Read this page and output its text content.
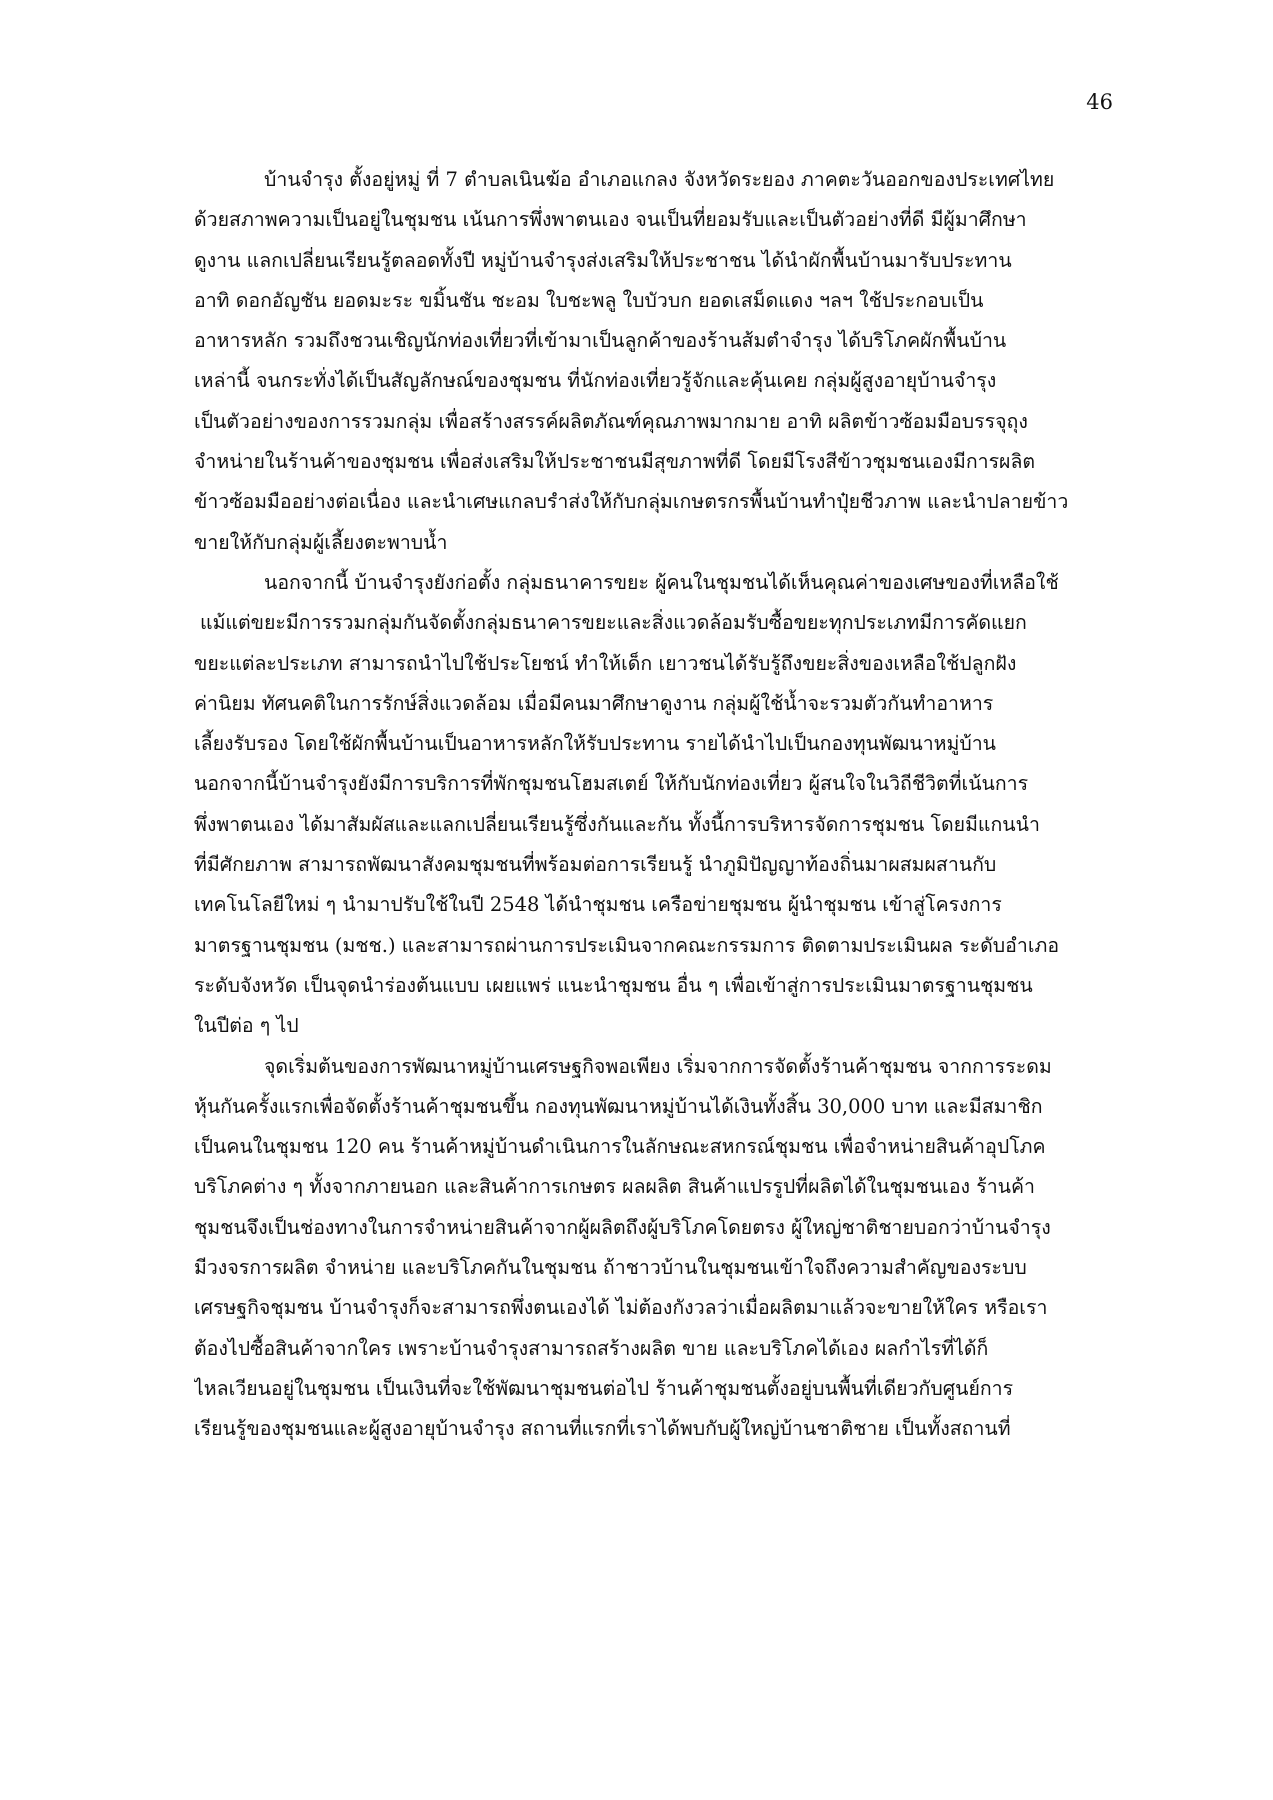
46
บ้านจำรุง ตั้งอยู่หมู่ ที่ 7 ตำบลเนินฆ้อ อำเภอแกลง จังหวัดระยอง ภาคตะวันออกของประเทศไทย
ด้วยสภาพความเป็นอยู่ในชุมชน เน้นการพึ่งพาตนเอง จนเป็นที่ยอมรับและเป็นตัวอย่างที่ดี มีผู้มาศึกษา
ดูงาน แลกเปลี่ยนเรียนรู้ตลอดทั้งปี หมู่บ้านจำรุงส่งเสริมให้ประชาชน ได้นำผักพื้นบ้านมารับประทาน
อาทิ ดอกอัญชัน ยอดมะระ ขมิ้นชัน ชะอม ใบชะพลู ใบบัวบก ยอดเสม็ดแดง ฯลฯ ใช้ประกอบเป็น
อาหารหลัก รวมถึงชวนเชิญนักท่องเที่ยวที่เข้ามาเป็นลูกค้าของร้านส้มตำจำรุง ได้บริโภคผักพื้นบ้าน
เหล่านี้ จนกระทั่งได้เป็นสัญลักษณ์ของชุมชน ที่นักท่องเที่ยวรู้จักและคุ้นเคย กลุ่มผู้สูงอายุบ้านจำรุง
เป็นตัวอย่างของการรวมกลุ่ม เพื่อสร้างสรรค์ผลิตภัณฑ์คุณภาพมากมาย อาทิ ผลิตข้าวซ้อมมือบรรจุถุง
จำหน่ายในร้านค้าของชุมชน เพื่อส่งเสริมให้ประชาชนมีสุขภาพที่ดี โดยมีโรงสีข้าวชุมชนเองมีการผลิต
ข้าวซ้อมมืออย่างต่อเนื่อง และนำเศษแกลบรำส่งให้กับกลุ่มเกษตรกรพื้นบ้านทำปุ๋ยชีวภาพ และนำปลายข้าว
ขายให้กับกลุ่มผู้เลี้ยงตะพาบน้ำ
นอกจากนี้ บ้านจำรุงยังก่อตั้ง กลุ่มธนาคารขยะ ผู้คนในชุมชนได้เห็นคุณค่าของเศษของที่เหลือใช้
แม้แต่ขยะมีการรวมกลุ่มกันจัดตั้งกลุ่มธนาคารขยะและสิ่งแวดล้อมรับซื้อขยะทุกประเภทมีการคัดแยก
ขยะแต่ละประเภท สามารถนำไปใช้ประโยชน์ ทำให้เด็ก เยาวชนได้รับรู้ถึงขยะสิ่งของเหลือใช้ปลูกฝัง
ค่านิยม ทัศนคติในการรักษ์สิ่งแวดล้อม เมื่อมีคนมาศึกษาดูงาน กลุ่มผู้ใช้น้ำจะรวมตัวกันทำอาหาร
เลี้ยงรับรอง โดยใช้ผักพื้นบ้านเป็นอาหารหลักให้รับประทาน รายได้นำไปเป็นกองทุนพัฒนาหมู่บ้าน
นอกจากนี้บ้านจำรุงยังมีการบริการที่พักชุมชนโฮมสเตย์ ให้กับนักท่องเที่ยว ผู้สนใจในวิถีชีวิตที่เน้นการ
พึ่งพาตนเอง ได้มาสัมผัสและแลกเปลี่ยนเรียนรู้ซึ่งกันและกัน ทั้งนี้การบริหารจัดการชุมชน โดยมีแกนนำ
ที่มีศักยภาพ สามารถพัฒนาสังคมชุมชนที่พร้อมต่อการเรียนรู้ นำภูมิปัญญาท้องถิ่นมาผสมผสานกับ
เทคโนโลยีใหม่ ๆ นำมาปรับใช้ในปี 2548 ได้นำชุมชน เครือข่ายชุมชน ผู้นำชุมชน เข้าสู่โครงการ
มาตรฐานชุมชน (มชช.) และสามารถผ่านการประเมินจากคณะกรรมการ ติดตามประเมินผล ระดับอำเภอ
ระดับจังหวัด เป็นจุดนำร่องต้นแบบ เผยแพร่ แนะนำชุมชน อื่น ๆ เพื่อเข้าสู่การประเมินมาตรฐานชุมชน
ในปีต่อ ๆ ไป
จุดเริ่มต้นของการพัฒนาหมู่บ้านเศรษฐกิจพอเพียง เริ่มจากการจัดตั้งร้านค้าชุมชน จากการระดม
หุ้นกันครั้งแรกเพื่อจัดตั้งร้านค้าชุมชนขึ้น กองทุนพัฒนาหมู่บ้านได้เงินทั้งสิ้น 30,000 บาท และมีสมาชิก
เป็นคนในชุมชน 120 คน ร้านค้าหมู่บ้านดำเนินการในลักษณะสหกรณ์ชุมชน เพื่อจำหน่ายสินค้าอุปโภค
บริโภคต่าง ๆ ทั้งจากภายนอก และสินค้าการเกษตร ผลผลิต สินค้าแปรรูปที่ผลิตได้ในชุมชนเอง ร้านค้า
ชุมชนจึงเป็นช่องทางในการจำหน่ายสินค้าจากผู้ผลิตถึงผู้บริโภคโดยตรง ผู้ใหญ่ชาติชายบอกว่าบ้านจำรุง
มีวงจรการผลิต จำหน่าย และบริโภคกันในชุมชน ถ้าชาวบ้านในชุมชนเข้าใจถึงความสำคัญของระบบ
เศรษฐกิจชุมชน บ้านจำรุงก็จะสามารถพึ่งตนเองได้ ไม่ต้องกังวลว่าเมื่อผลิตมาแล้วจะขายให้ใคร หรือเรา
ต้องไปซื้อสินค้าจากใคร เพราะบ้านจำรุงสามารถสร้างผลิต ขาย และบริโภคได้เอง ผลกำไรที่ได้ก็
ไหลเวียนอยู่ในชุมชน เป็นเงินที่จะใช้พัฒนาชุมชนต่อไป ร้านค้าชุมชนตั้งอยู่บนพื้นที่เดียวกับศูนย์การ
เรียนรู้ของชุมชนและผู้สูงอายุบ้านจำรุง สถานที่แรกที่เราได้พบกับผู้ใหญ่บ้านชาติชาย เป็นทั้งสถานที่
